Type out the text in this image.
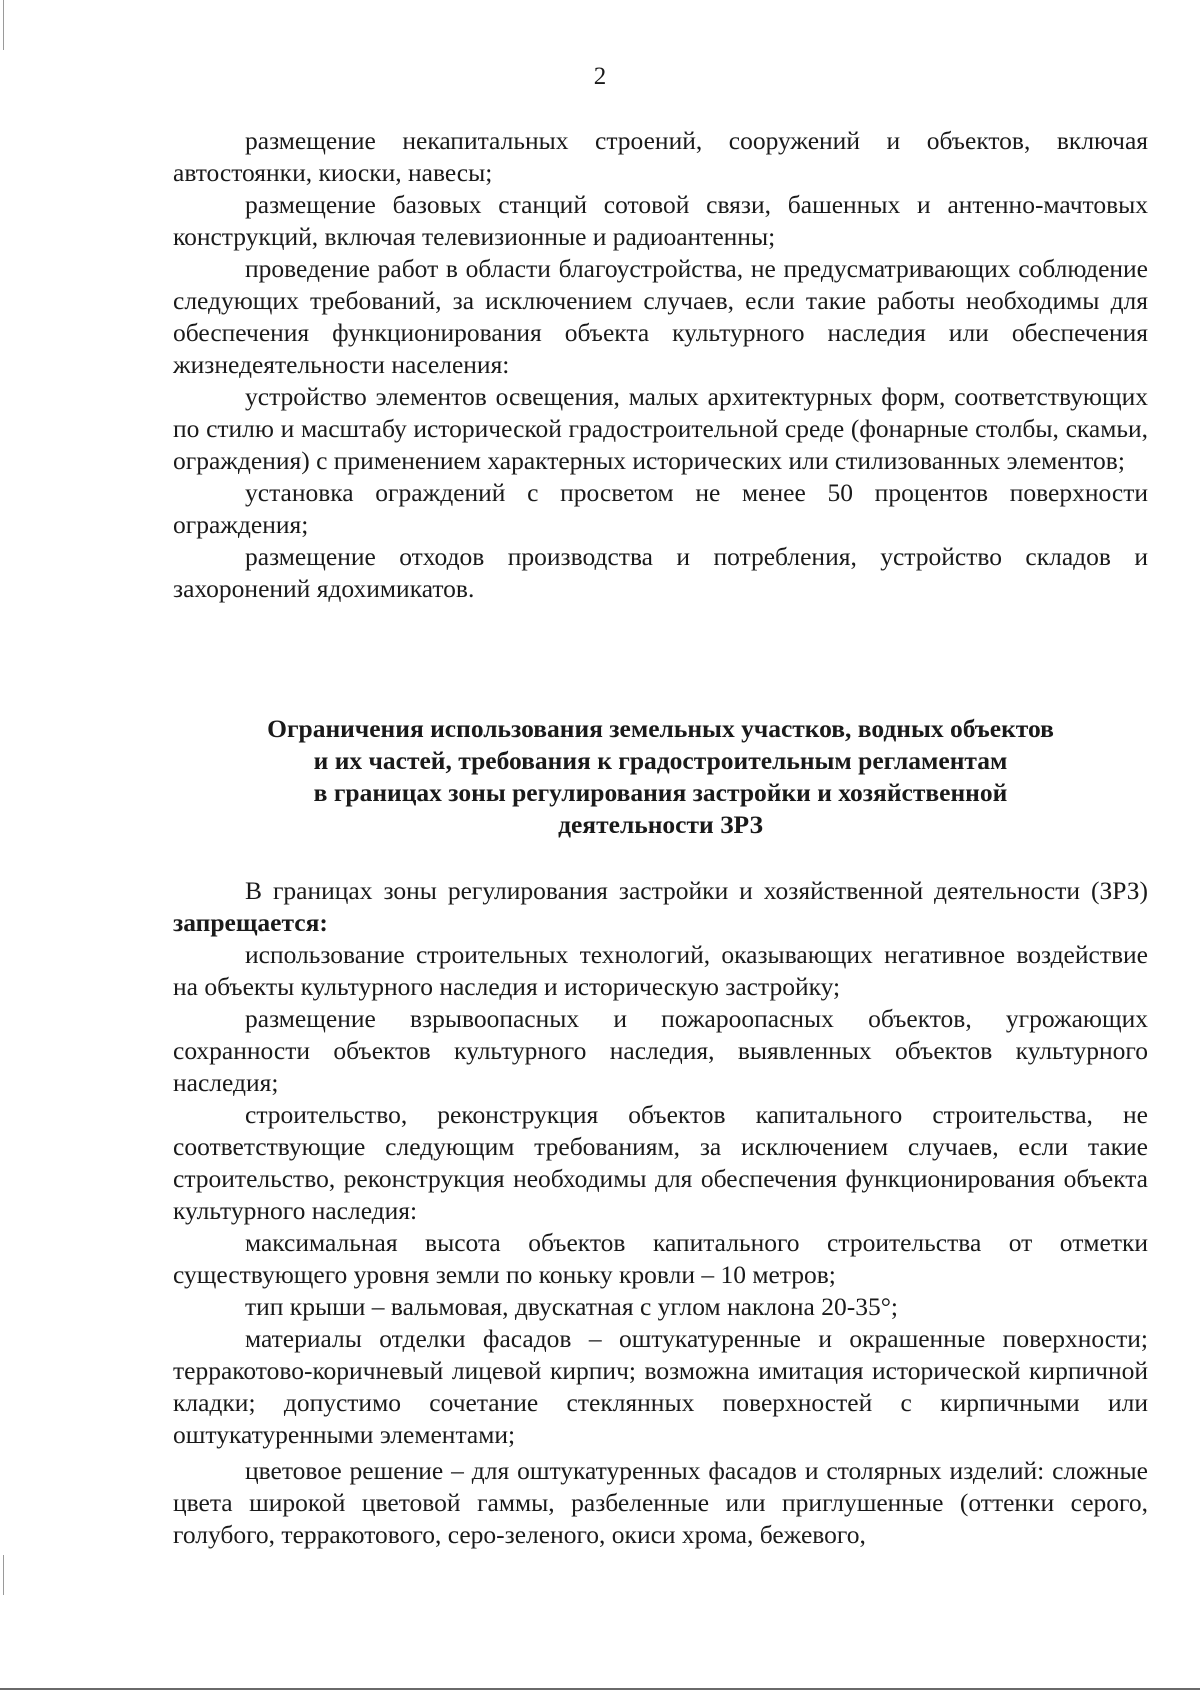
2

размещение некапитальных строений, сооружений и объектов, включая автостоянки, киоски, навесы;

размещение базовых станций сотовой связи, башенных и антенно-мачтовых конструкций, включая телевизионные и радиоантенны;

проведение работ в области благоустройства, не предусматривающих соблюдение следующих требований, за исключением случаев, если такие работы необходимы для обеспечения функционирования объекта культурного наследия или обеспечения жизнедеятельности населения:

устройство элементов освещения, малых архитектурных форм, соответствующих по стилю и масштабу исторической градостроительной среде (фонарные столбы, скамьи, ограждения) с применением характерных исторических или стилизованных элементов;

установка ограждений с просветом не менее 50 процентов поверхности ограждения;

размещение отходов производства и потребления, устройство складов и захоронений ядохимикатов.

Ограничения использования земельных участков, водных объектов
и их частей, требования к градостроительным регламентам
в границах зоны регулирования застройки и хозяйственной
деятельности ЗРЗ

В границах зоны регулирования застройки и хозяйственной деятельности (ЗРЗ) запрещается:

использование строительных технологий, оказывающих негативное воздействие на объекты культурного наследия и историческую застройку;

размещение взрывоопасных и пожароопасных объектов, угрожающих сохранности объектов культурного наследия, выявленных объектов культурного наследия;

строительство, реконструкция объектов капитального строительства, не соответствующие следующим требованиям, за исключением случаев, если такие строительство, реконструкция необходимы для обеспечения функционирования объекта культурного наследия:

максимальная высота объектов капитального строительства от отметки существующего уровня земли по коньку кровли – 10 метров;

тип крыши – вальмовая, двускатная с углом наклона 20-35°;

материалы отделки фасадов – оштукатуренные и окрашенные поверхности; терракотово-коричневый лицевой кирпич; возможна имитация исторической кирпичной кладки; допустимо сочетание стеклянных поверхностей с кирпичными или оштукатуренными элементами;

цветовое решение – для оштукатуренных фасадов и столярных изделий: сложные цвета широкой цветовой гаммы, разбеленные или приглушенные (оттенки серого, голубого, терракотового, серо-зеленого, окиси хрома, бежевого,
